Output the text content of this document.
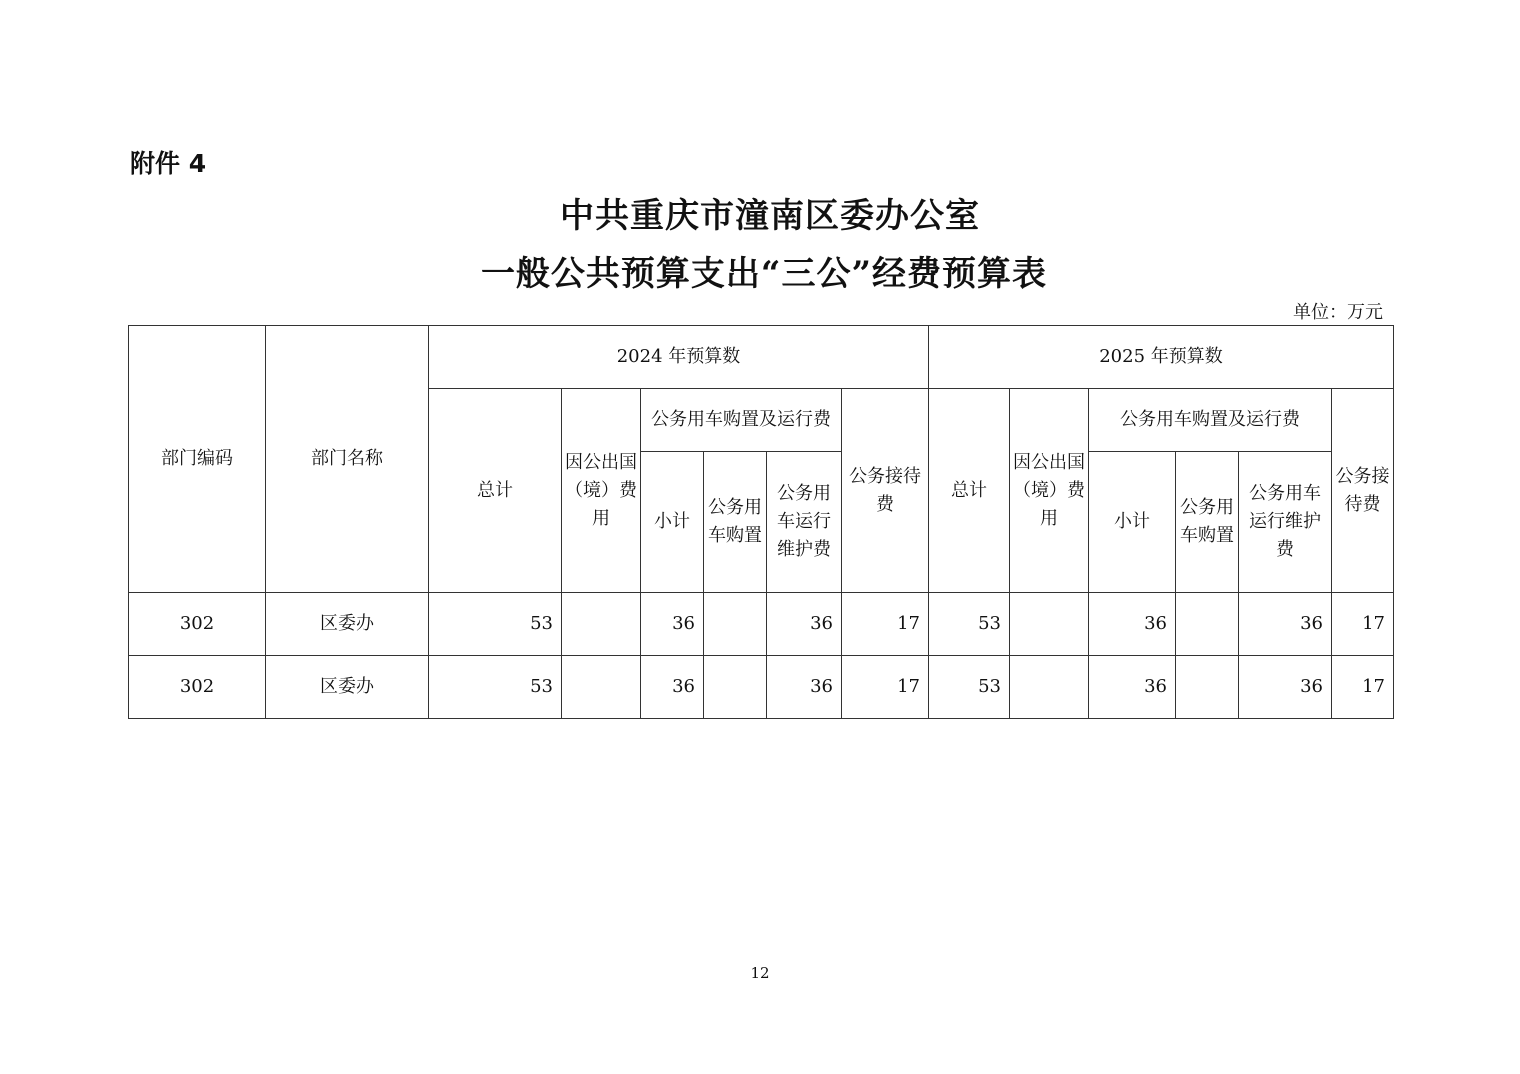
附件 4
中共重庆市潼南区委办公室
一般公共预算支出“三公”经费预算表
单位：万元
部门编码	部门名称	2024 年预算数						2025 年预算数					
		总计	因公出国（境）费用	公务用车购置及运行费			公务接待费	总计	因公出国（境）费用	公务用车购置及运行费			公务接待费
				小计	公务用车购置	公务用车运行维护费				小计	公务用车购置	公务用车运行维护费	
302	区委办	53		36		36	17	53		36		36	17
302	区委办	53		36		36	17	53		36		36	17
12
